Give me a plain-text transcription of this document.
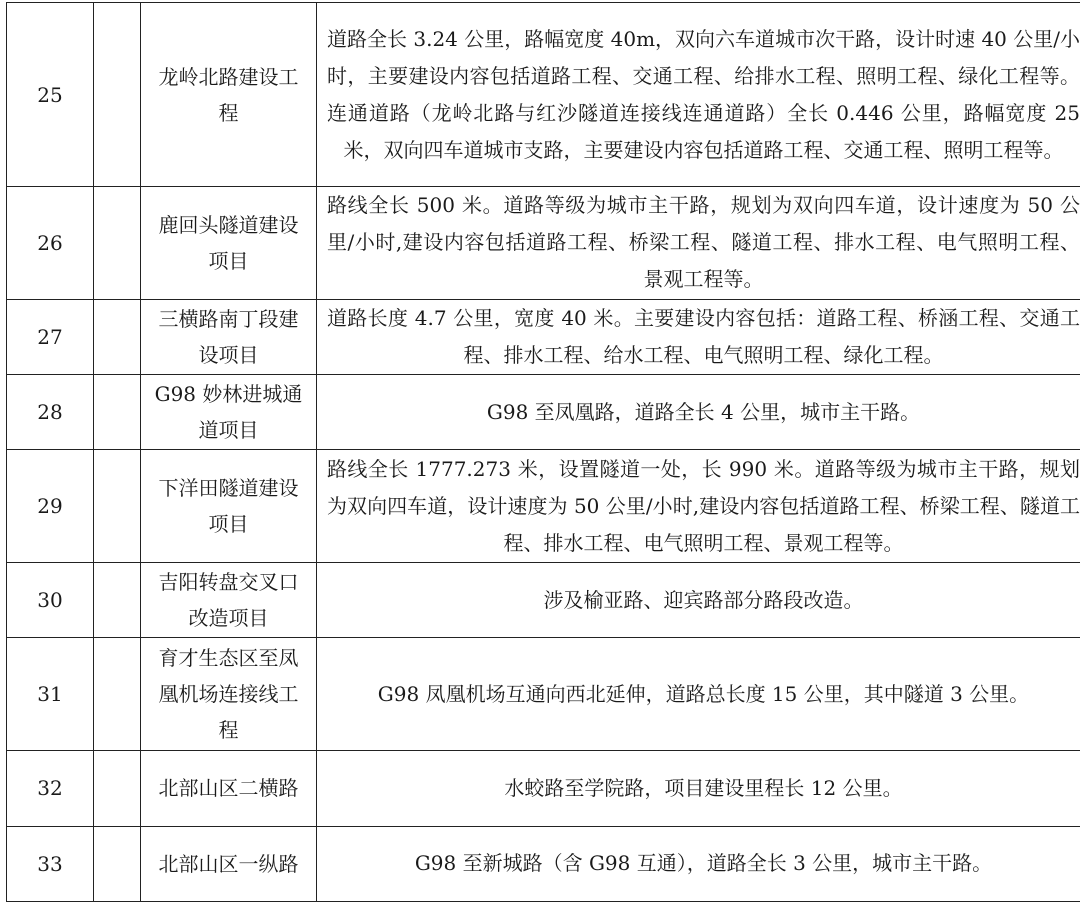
25		龙岭北路建设工程	道路全长 3.24 公里，路幅宽度 40m，双向六车道城市次干路，设计时速 40 公里/小时，主要建设内容包括道路工程、交通工程、给排水工程、照明工程、绿化工程等。连通道路（龙岭北路与红沙隧道连接线连通道路）全长 0.446 公里，路幅宽度 25 米，双向四车道城市支路，主要建设内容包括道路工程、交通工程、照明工程等。	
26		鹿回头隧道建设项目	路线全长 500 米。道路等级为城市主干路，规划为双向四车道，设计速度为 50 公里/小时,建设内容包括道路工程、桥梁工程、隧道工程、排水工程、电气照明工程、景观工程等。	
27		三横路南丁段建设项目	道路长度 4.7 公里，宽度 40 米。主要建设内容包括：道路工程、桥涵工程、交通工程、排水工程、给水工程、电气照明工程、绿化工程。	
28		G98 妙林进城通道项目	G98 至凤凰路，道路全长 4 公里，城市主干路。	
29		下洋田隧道建设项目	路线全长 1777.273 米，设置隧道一处，长 990 米。道路等级为城市主干路，规划为双向四车道，设计速度为 50 公里/小时,建设内容包括道路工程、桥梁工程、隧道工程、排水工程、电气照明工程、景观工程等。	
30		吉阳转盘交叉口改造项目	涉及榆亚路、迎宾路部分路段改造。	
31		育才生态区至凤凰机场连接线工程	G98 凤凰机场互通向西北延伸，道路总长度 15 公里，其中隧道 3 公里。	
32		北部山区二横路	水蛟路至学院路，项目建设里程长 12 公里。	
33		北部山区一纵路	G98 至新城路（含 G98 互通），道路全长 3 公里，城市主干路。	
